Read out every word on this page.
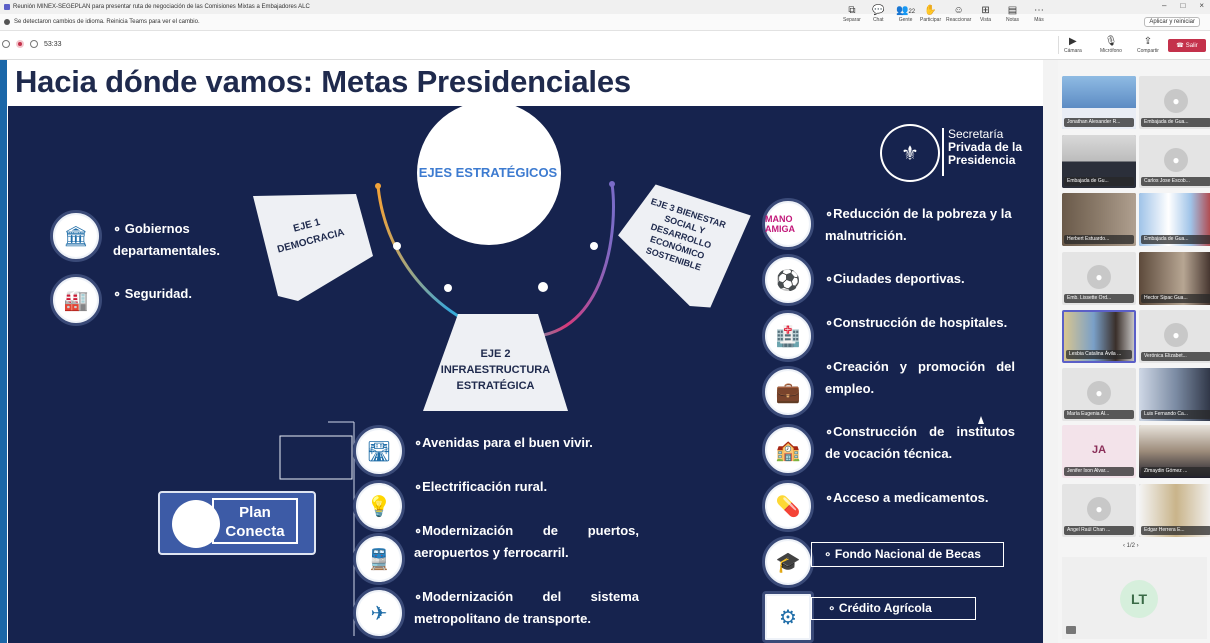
Reunión MINEX-SEGEPLAN para presentar ruta de negociación de las Comisiones Mixtas a Embajadores ALC	– □ ×
Se detectaron cambios de idioma. Reinicia Teams para ver el cambio.	Aplicar y reiniciar
53:33
⧉
Separar
💬
Chat
👥22
Gente
✋
Participar
☺
Reaccionar
⊞
Vista
▤
Notas
⋯
Más
▶
Cámara
🎙
Micrófono
⇪
Compartir
☎ Salir
Hacia dónde vamos: Metas Presidenciales
EJES ESTRATÉGICOS
EJE 1 DEMOCRACIA
EJE 3 BIENESTAR SOCIAL Y DESARROLLO ECONÓMICO SOSTENIBLE
EJE 2 INFRAESTRUCTURA ESTRATÉGICA
⚜
Secretaría
Privada de la
Presidencia
🏛
🏭
∘ Gobiernos departamentales.
∘ Seguridad.
Plan Conecta
🛣
💡
🚆
✈
∘Avenidas para el buen vivir.
∘Electrificación rural.
∘Modernización de puertos, aeropuertos y ferrocarril.
∘Modernización del sistema metropolitano de transporte.
MANO AMIGA
⚽
🏥
💼
🏫
💊
🎓
⚙
∘Reducción de la pobreza y la malnutrición.
∘Ciudades deportivas.
∘Construcción de hospitales.
∘Creación y promoción del empleo.
∘Construcción de institutos de vocación técnica.
∘Acceso a medicamentos.
∘ Fondo Nacional de Becas
∘ Crédito Agrícola
Jonathan Alexander R...
●
Embajada de Gua...
Embajada de Gu...
●
Carlos Jose Escob...
Herbert Estuardo...	Embajada de Gua...
●
Emb. Lissette Ord...	Hector Sipac Gua...
Lesbia Catalina Ávila ...
●
Verónica Elizabet...
●
María Eugenia Al...	Luis Fernando Ca...
JA
Jenifer Ixon Alvar...	Zimaydin Gómez ...
●
Angel Raúl Chan ...	Edgar Herrera E...
‹ 1/2 ›
LT
